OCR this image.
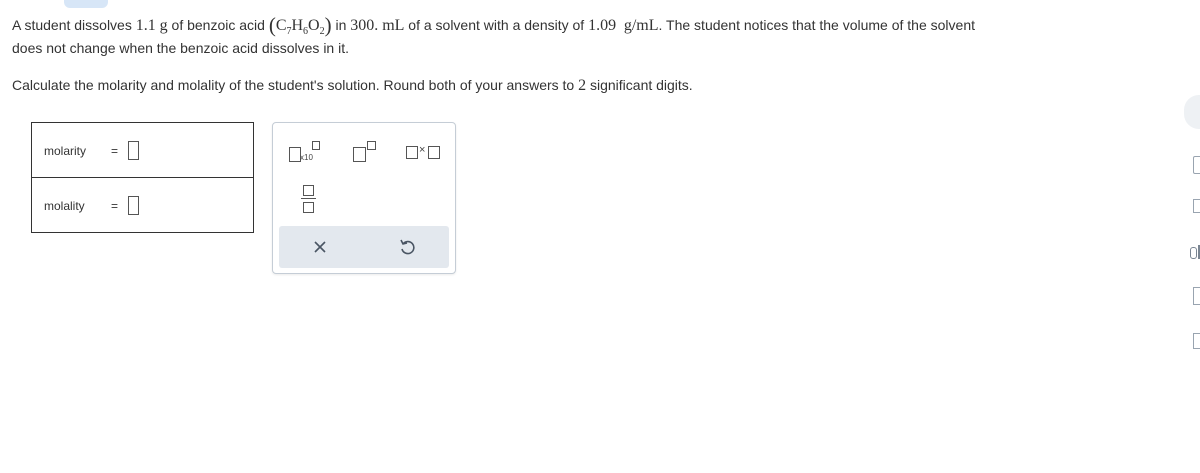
A student dissolves 1.1 g of benzoic acid $(C_7H_6O_2)$ in 300. mL of a solvent with a density of 1.09 g/mL. The student notices that the volume of the solvent
does not change when the benzoic acid dissolves in it.
Calculate the molarity and molality of the student's solution. Round both of your answers to 2 significant digits.
molarity =
molality =
x10
×
